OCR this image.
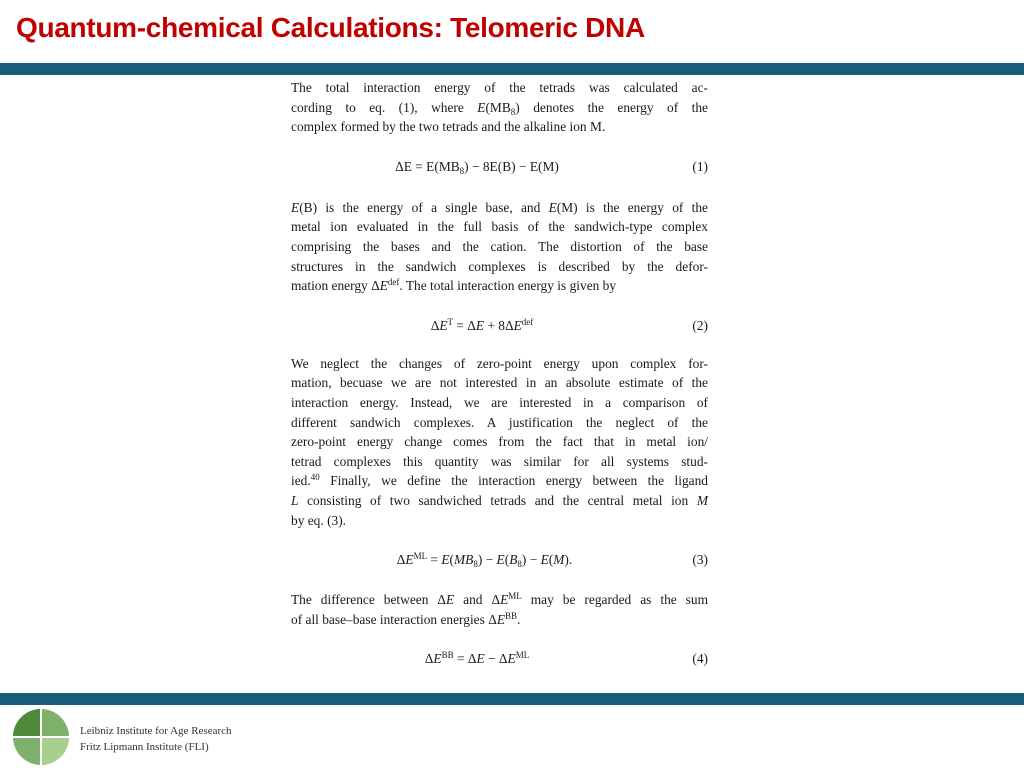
Quantum-chemical Calculations: Telomeric DNA

The total interaction energy of the tetrads was calculated ac-
cording to eq. (1), where $E(MB_8)$ denotes the energy of the
complex formed by the two tetrads and the alkaline ion M.

$\Delta E = E(MB_8) - 8E(B) - E(M)$	(1)

E(B) is the energy of a single base, and E(M) is the energy of the
metal ion evaluated in the full basis of the sandwich-type complex
comprising the bases and the cation. The distortion of the base
structures in the sandwich complexes is described by the defor-
mation energy $\Delta E^{def}$. The total interaction energy is given by

$\Delta E^T = \Delta E + 8\Delta E^{def}$	(2)

We neglect the changes of zero-point energy upon complex for-
mation, becuase we are not interested in an absolute estimate of the
interaction energy. Instead, we are interested in a comparison of
different sandwich complexes. A justification the neglect of the
zero-point energy change comes from the fact that in metal ion/
tetrad complexes this quantity was similar for all systems stud-
ied.$^{40}$ Finally, we define the interaction energy between the ligand
L consisting of two sandwiched tetrads and the central metal ion M
by eq. (3).

$\Delta E^{ML} = E(MB_8) - E(B_8) - E(M)$.	(3)

The difference between ΔE and $\Delta E^{ML}$ may be regarded as the sum
of all base–base interaction energies $\Delta E^{BB}$.

$\Delta E^{BB} = \Delta E - \Delta E^{ML}$	(4)
Leibniz Institute for Age Research
Fritz Lipmann Institute (FLI)
